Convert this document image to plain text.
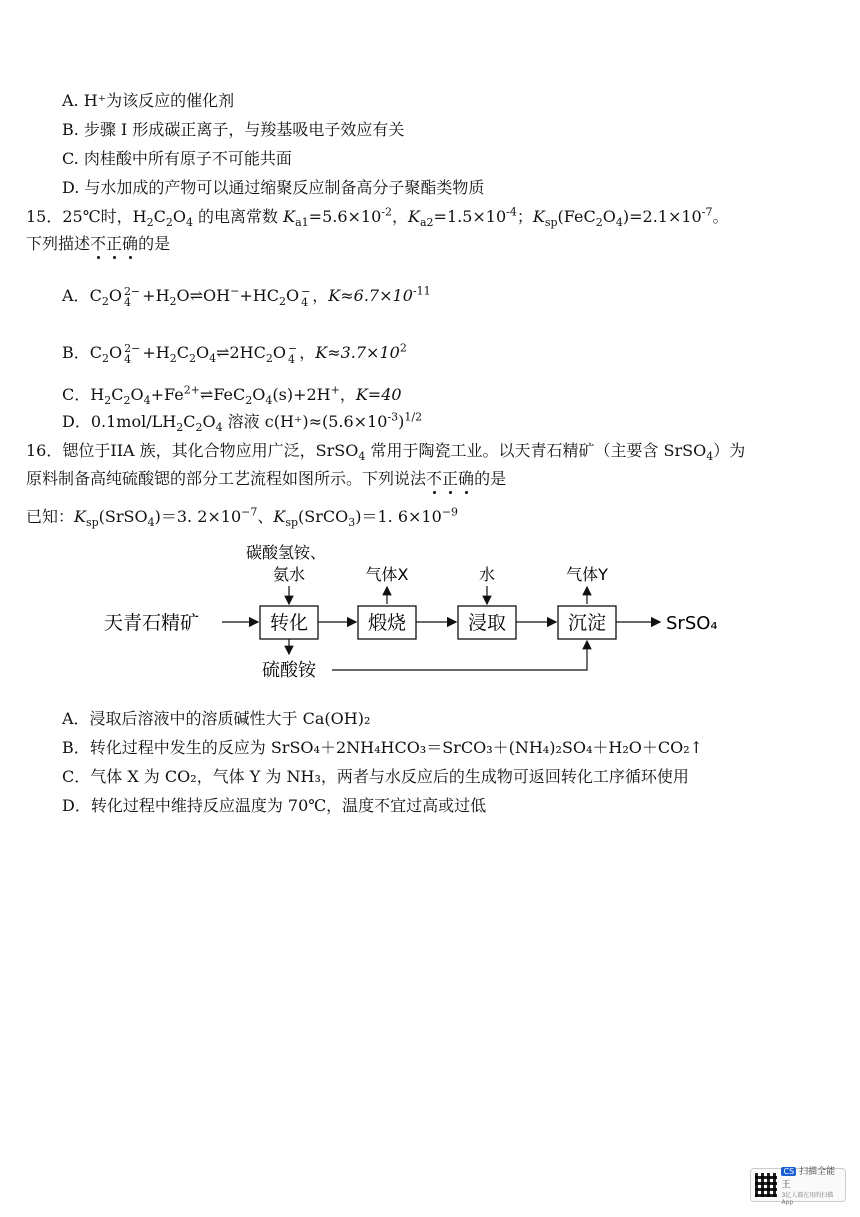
A. H⁺为该反应的催化剂
B. 步骤 I 形成碳正离子，与羧基吸电子效应有关
C. 肉桂酸中所有原子不可能共面
D. 与水加成的产物可以通过缩聚反应制备高分子聚酯类物质
15．25℃时，$H_2C_2O_4$ 的电离常数 $K_{a1}=5.6\times 10^{-2}$，$K_{a2}=1.5\times 10^{-4}$；$K_{sp}(FeC_2O_4)=2.1\times 10^{-7}$。
下列描述不正确的是
A．$C_2O$ 2−
$4 +H_2O\rightleftharpoons OH^-+HC_2O$ −
4 ，$K\approx 6.7\times 10^{-11}$
B．$C_2O$ 2−
$4 +H_2C_2O_4\rightleftharpoons 2HC_2O$ −
4 ，$K\approx 3.7\times 10^2$
C．$H_2C_2O_4+Fe^{2+}\rightleftharpoons FeC_2O_4(s)+2H^+$，K=40
D．$0.1mol/LH_2C_2O_4$ 溶液 $c(H^+)\approx(5.6\times 10^{-3})^{1/2}$
16．锶位于IIA 族，其化合物应用广泛，SrSO$_4$ 常用于陶瓷工业。以天青石精矿（主要含 SrSO$_4$）为
原料制备高纯硫酸锶的部分工艺流程如图所示。下列说法不正确的是
已知：$K_{sp}(SrSO_4)=3$. $2\times 10^{-7}$、$K_{sp}(SrCO_3)=1$. $6\times 10^{-9}$
天青石精矿	转化	煅烧	浸取	沉淀	SrSO₄
碳酸氢铵、
氨水	气体X	水	气体Y
硫酸铵
A．浸取后溶液中的溶质碱性大于 Ca(OH)₂
B．转化过程中发生的反应为 SrSO₄＋2NH₄HCO₃＝SrCO₃＋(NH₄)₂SO₄＋H₂O＋CO₂↑
C．气体 X 为 CO₂，气体 Y 为 NH₃，两者与水反应后的生成物可返回转化工序循环使用
D．转化过程中维持反应温度为 70℃，温度不宜过高或过低
CS 扫描全能王
3亿人都在用的扫描App
